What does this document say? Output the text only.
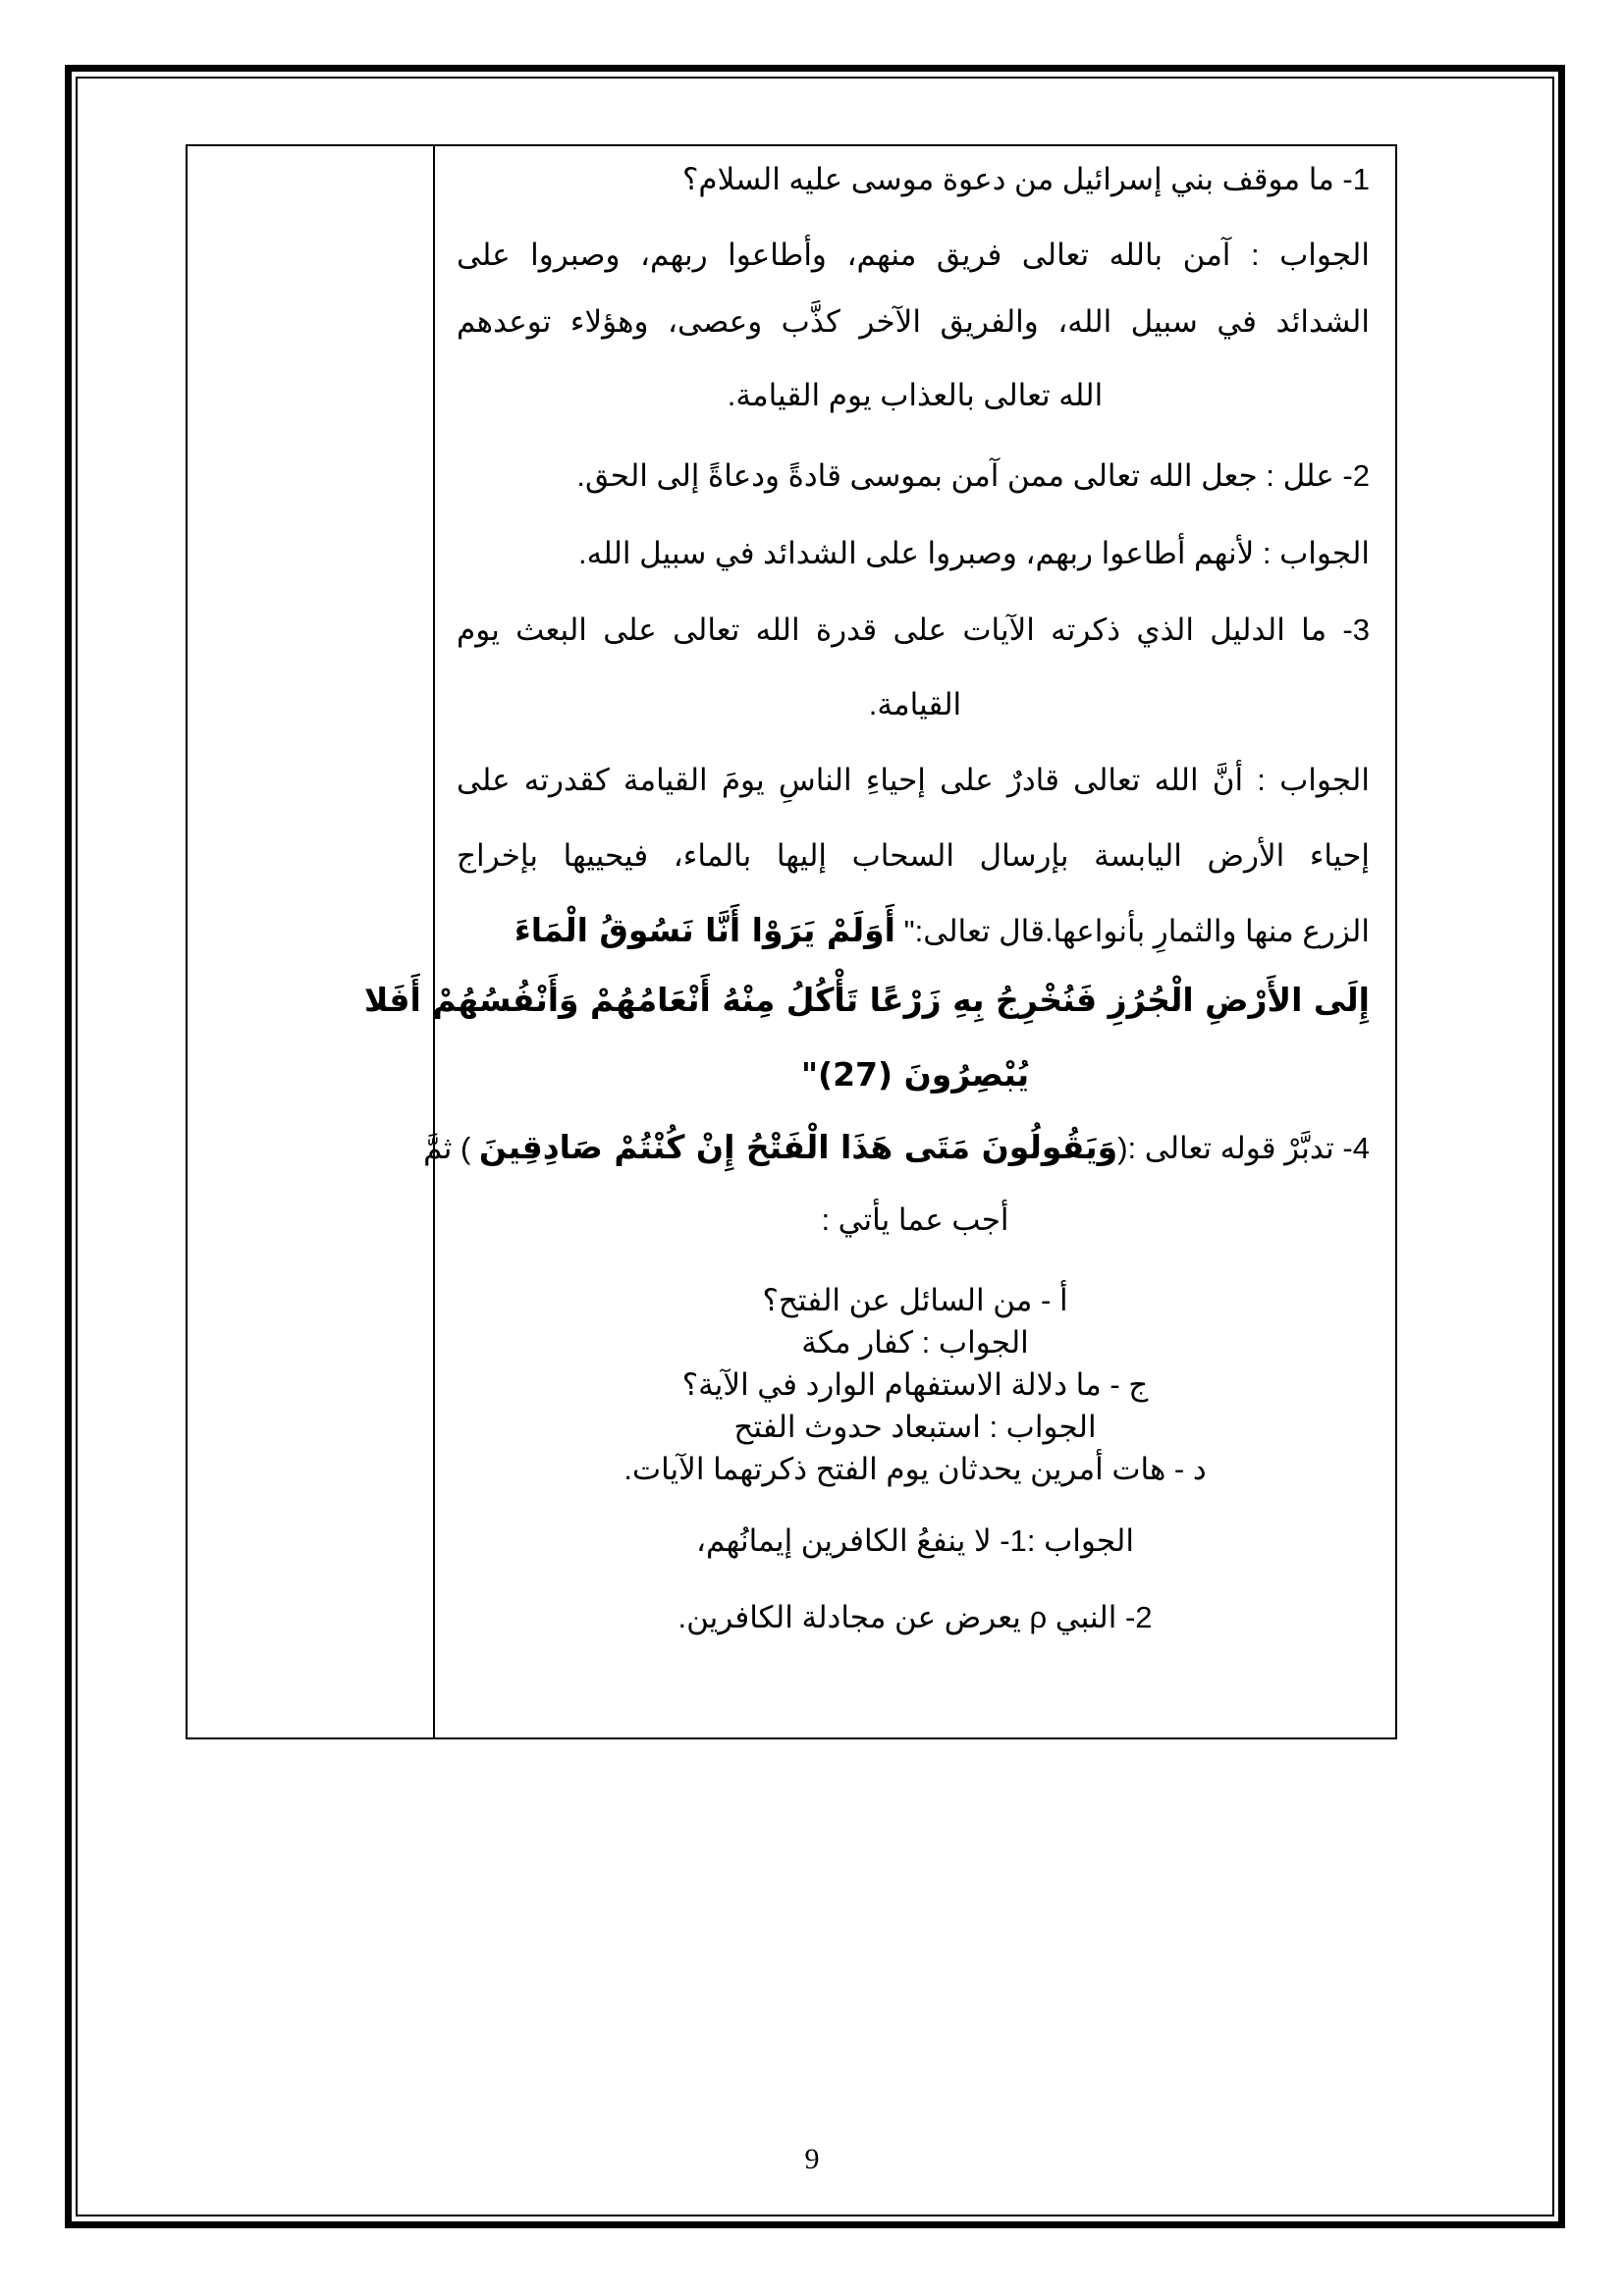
1- ما موقف بني إسرائيل من دعوة موسى عليه السلام؟
الجواب : آمن بالله تعالى فريق منهم، وأطاعوا ربهم، وصبروا على
الشدائد في سبيل الله، والفريق الآخر كذَّب وعصى، وهؤلاء توعدهم
الله تعالى بالعذاب يوم القيامة.
2- علل : جعل الله تعالى ممن آمن بموسى قادةً ودعاةً إلى الحق.
الجواب : لأنهم أطاعوا ربهم، وصبروا على الشدائد في سبيل الله.
3- ما الدليل الذي ذكرته الآيات على قدرة الله تعالى على البعث يوم
القيامة.
الجواب : أنَّ الله تعالى قادرٌ على إحياءِ الناسِ يومَ القيامة كقدرته على
إحياء الأرض اليابسة بإرسال السحاب إليها بالماء، فيحييها بإخراج
الزرع منها والثمارِ بأنواعها.قال تعالى:" أَوَلَمْ يَرَوْا أَنَّا نَسُوقُ الْمَاءَ
إِلَى الأَرْضِ الْجُرُزِ فَنُخْرِجُ بِهِ زَرْعًا تَأْكُلُ مِنْهُ أَنْعَامُهُمْ وَأَنْفُسُهُمْ أَفَلا
يُبْصِرُونَ (27)"
4- تدبَّرْ قوله تعالى :(وَيَقُولُونَ مَتَى هَذَا الْفَتْحُ إِنْ كُنْتُمْ صَادِقِينَ ) ثمَّ
أجب عما يأتي :
أ - من السائل عن الفتح؟
الجواب : كفار مكة
ج - ما دلالة الاستفهام الوارد في الآية؟
الجواب : استبعاد حدوث الفتح
د - هات أمرين يحدثان يوم الفتح ذكرتهما الآيات.
الجواب :1- لا ينفعُ الكافرين إيمانُهم،
2- النبي ρ يعرض عن مجادلة الكافرين.
9
